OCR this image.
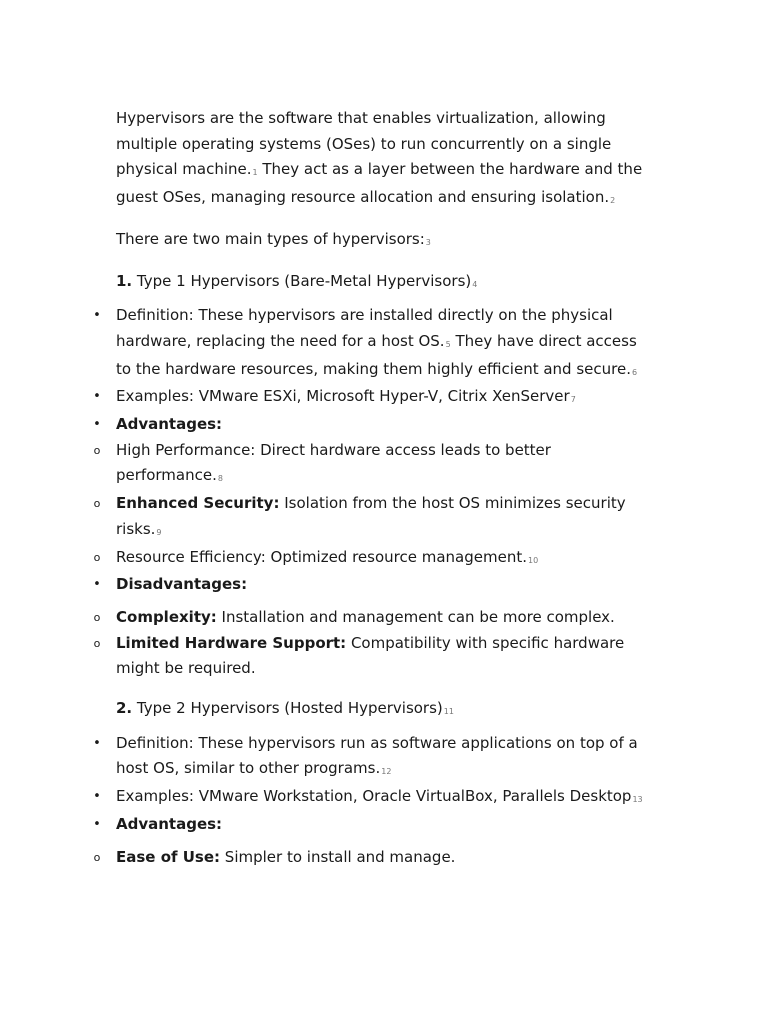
Hypervisors are the software that enables virtualization, allowing multiple operating systems (OSes) to run concurrently on a single physical machine.$^1$ They act as a layer between the hardware and the guest OSes, managing resource allocation and ensuring isolation.$^2$

There are two main types of hypervisors:$^3$

1. Type 1 Hypervisors (Bare-Metal Hypervisors)$^4$

• Definition: These hypervisors are installed directly on the physical hardware, replacing the need for a host OS.$^5$ They have direct access to the hardware resources, making them highly efficient and secure.$^6$
• Examples: VMware ESXi, Microsoft Hyper-V, Citrix XenServer$^7$
• Advantages:
o High Performance: Direct hardware access leads to better performance.$^8$
o Enhanced Security: Isolation from the host OS minimizes security risks.$^9$
o Resource Efficiency: Optimized resource management.$^{10}$
• Disadvantages:
o Complexity: Installation and management can be more complex.
o Limited Hardware Support: Compatibility with specific hardware might be required.

2. Type 2 Hypervisors (Hosted Hypervisors)$^{11}$

• Definition: These hypervisors run as software applications on top of a host OS, similar to other programs.$^{12}$
• Examples: VMware Workstation, Oracle VirtualBox, Parallels Desktop$^{13}$
• Advantages:
o Ease of Use: Simpler to install and manage.
